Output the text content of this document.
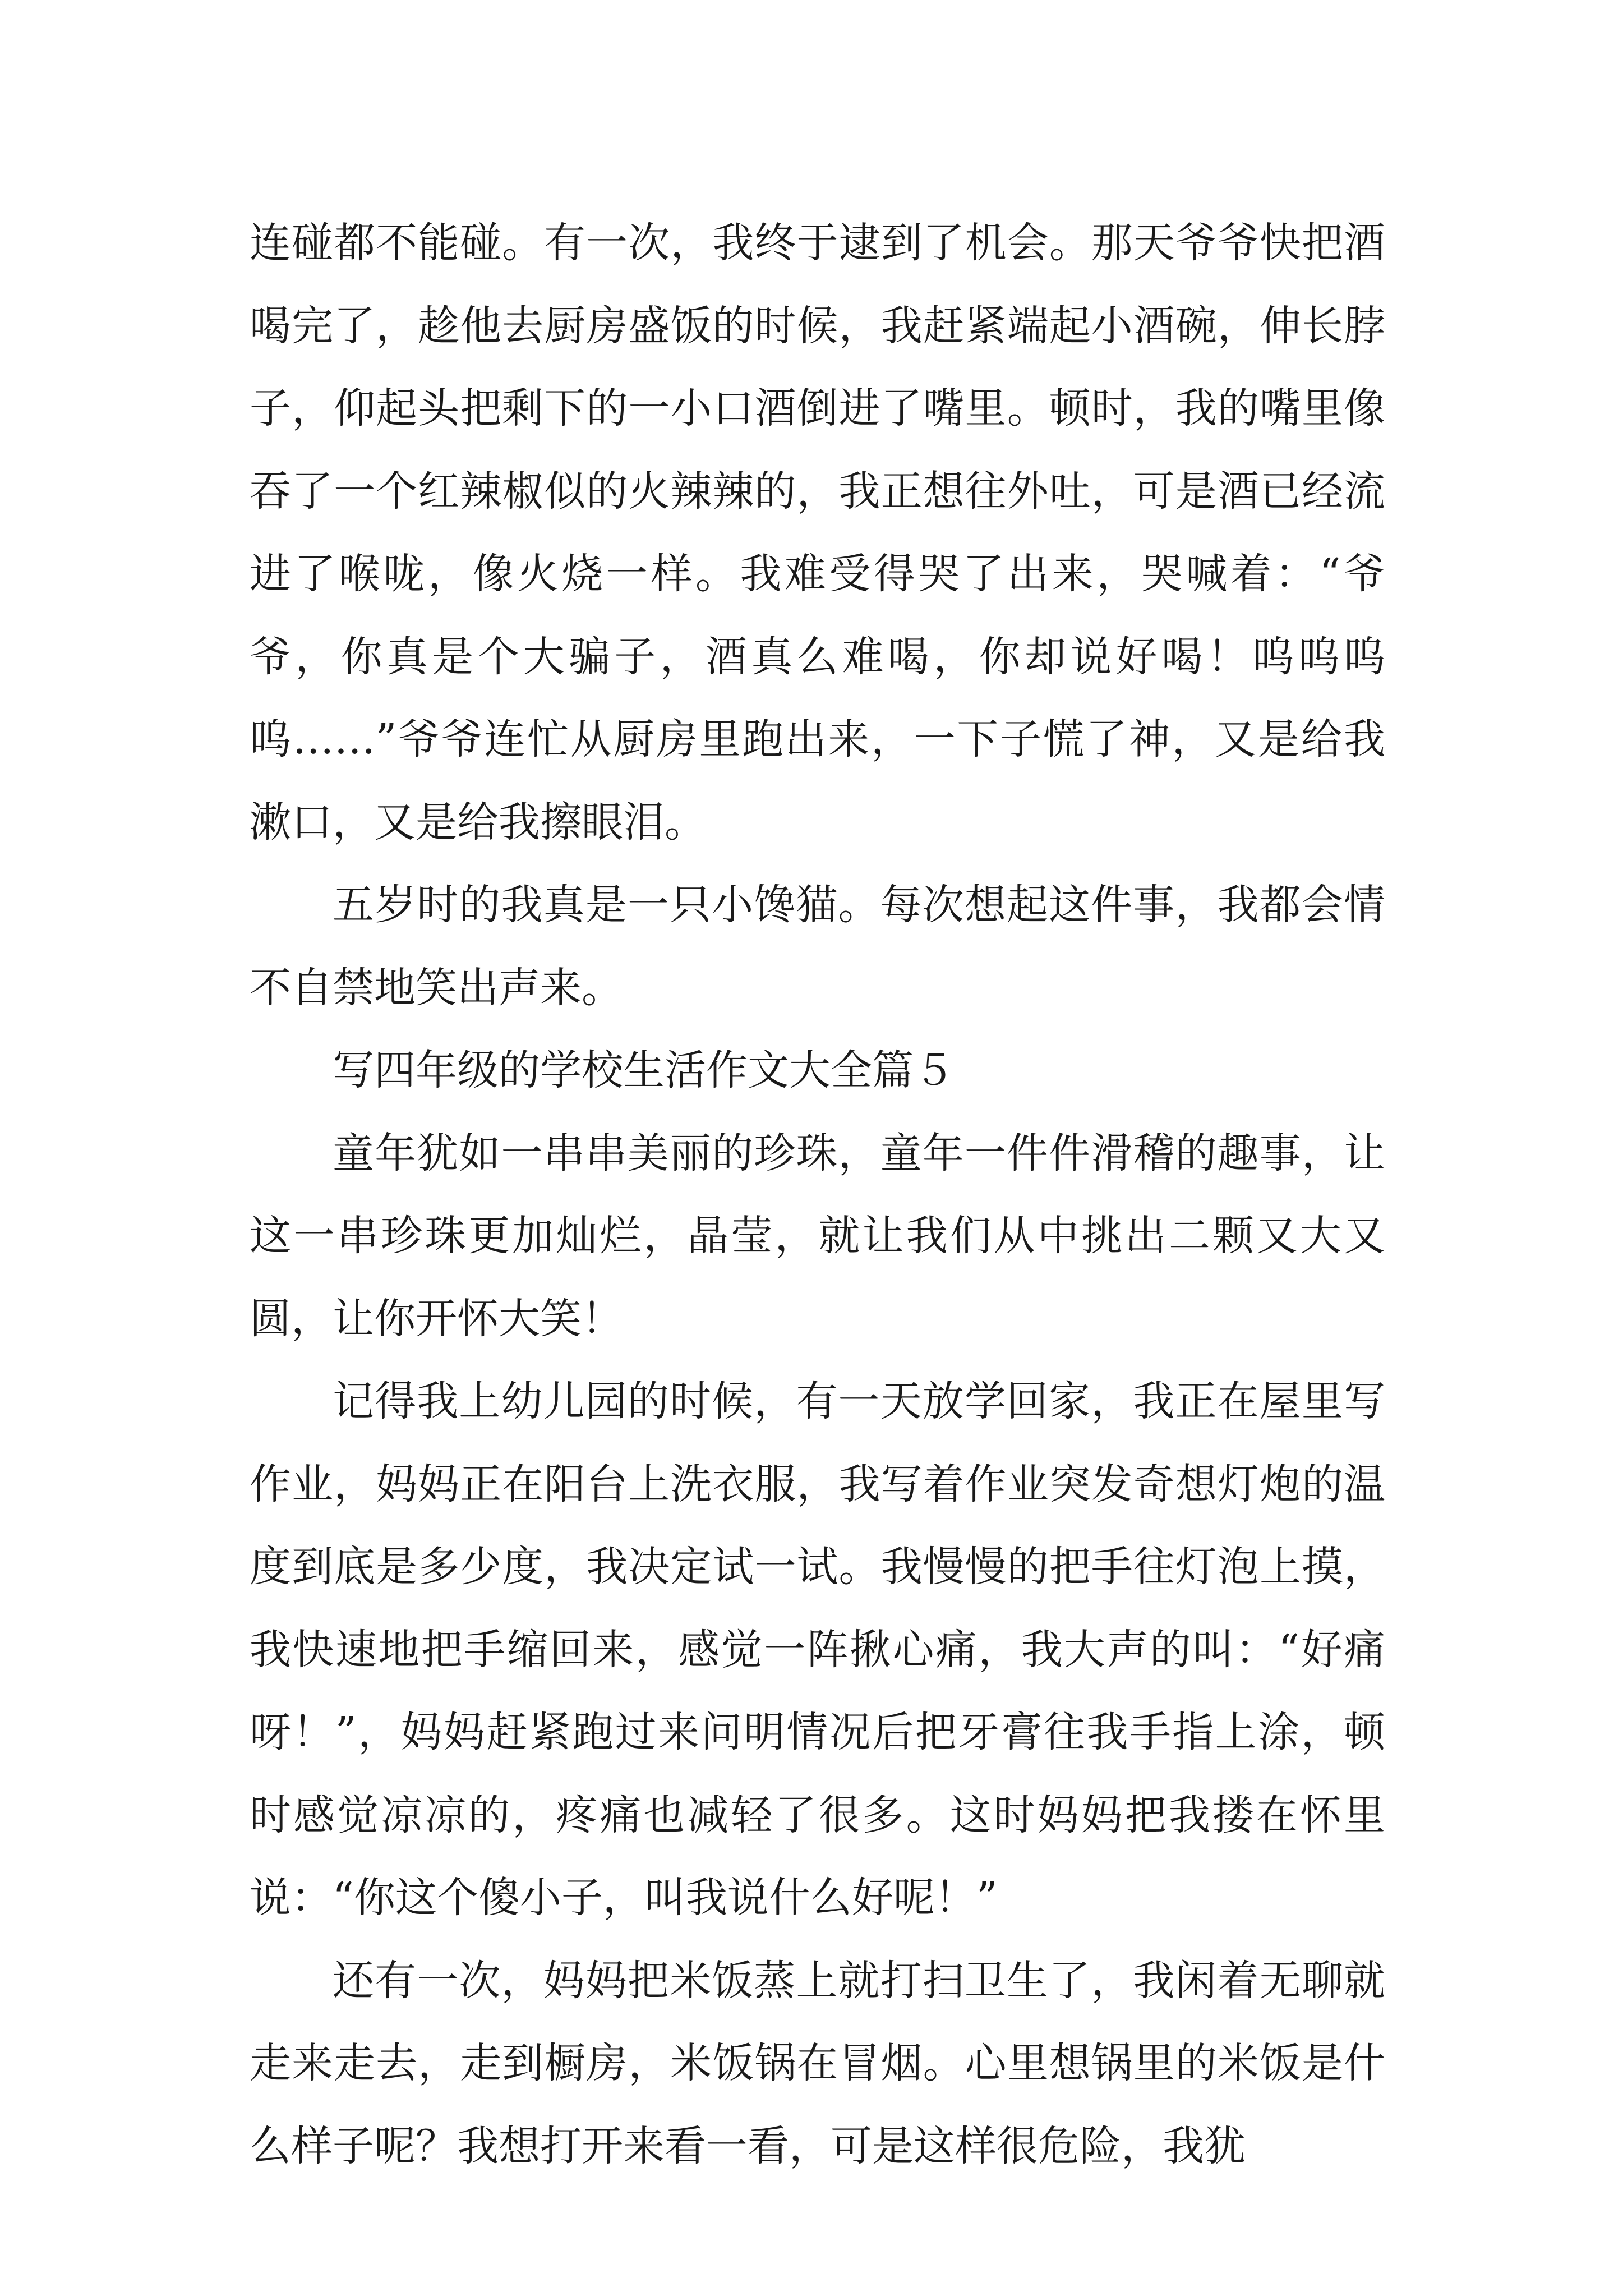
连碰都不能碰。有一次，我终于逮到了机会。那天爷爷快把酒喝完了，趁他去厨房盛饭的时候，我赶紧端起小酒碗，伸长脖子，仰起头把剩下的一小口酒倒进了嘴里。顿时，我的嘴里像吞了一个红辣椒似的火辣辣的，我正想往外吐，可是酒已经流进了喉咙，像火烧一样。我难受得哭了出来，哭喊着：“爷爷，你真是个大骗子，酒真么难喝，你却说好喝！呜呜呜呜……”爷爷连忙从厨房里跑出来，一下子慌了神，又是给我漱口，又是给我擦眼泪。

五岁时的我真是一只小馋猫。每次想起这件事，我都会情不自禁地笑出声来。

写四年级的学校生活作文大全篇５

童年犹如一串串美丽的珍珠，童年一件件滑稽的趣事，让这一串珍珠更加灿烂，晶莹，就让我们从中挑出二颗又大又圆，让你开怀大笑！

记得我上幼儿园的时候，有一天放学回家，我正在屋里写作业，妈妈正在阳台上洗衣服，我写着作业突发奇想灯炮的温度到底是多少度，我决定试一试。我慢慢的把手往灯泡上摸，我快速地把手缩回来，感觉一阵揪心痛，我大声的叫：“好痛呀！”，妈妈赶紧跑过来问明情况后把牙膏往我手指上涂，顿时感觉凉凉的，疼痛也减轻了很多。这时妈妈把我搂在怀里说：“你这个傻小子，叫我说什么好呢！”

还有一次，妈妈把米饭蒸上就打扫卫生了，我闲着无聊就走来走去，走到橱房，米饭锅在冒烟。心里想锅里的米饭是什么样子呢？我想打开来看一看，可是这样很危险，我犹
